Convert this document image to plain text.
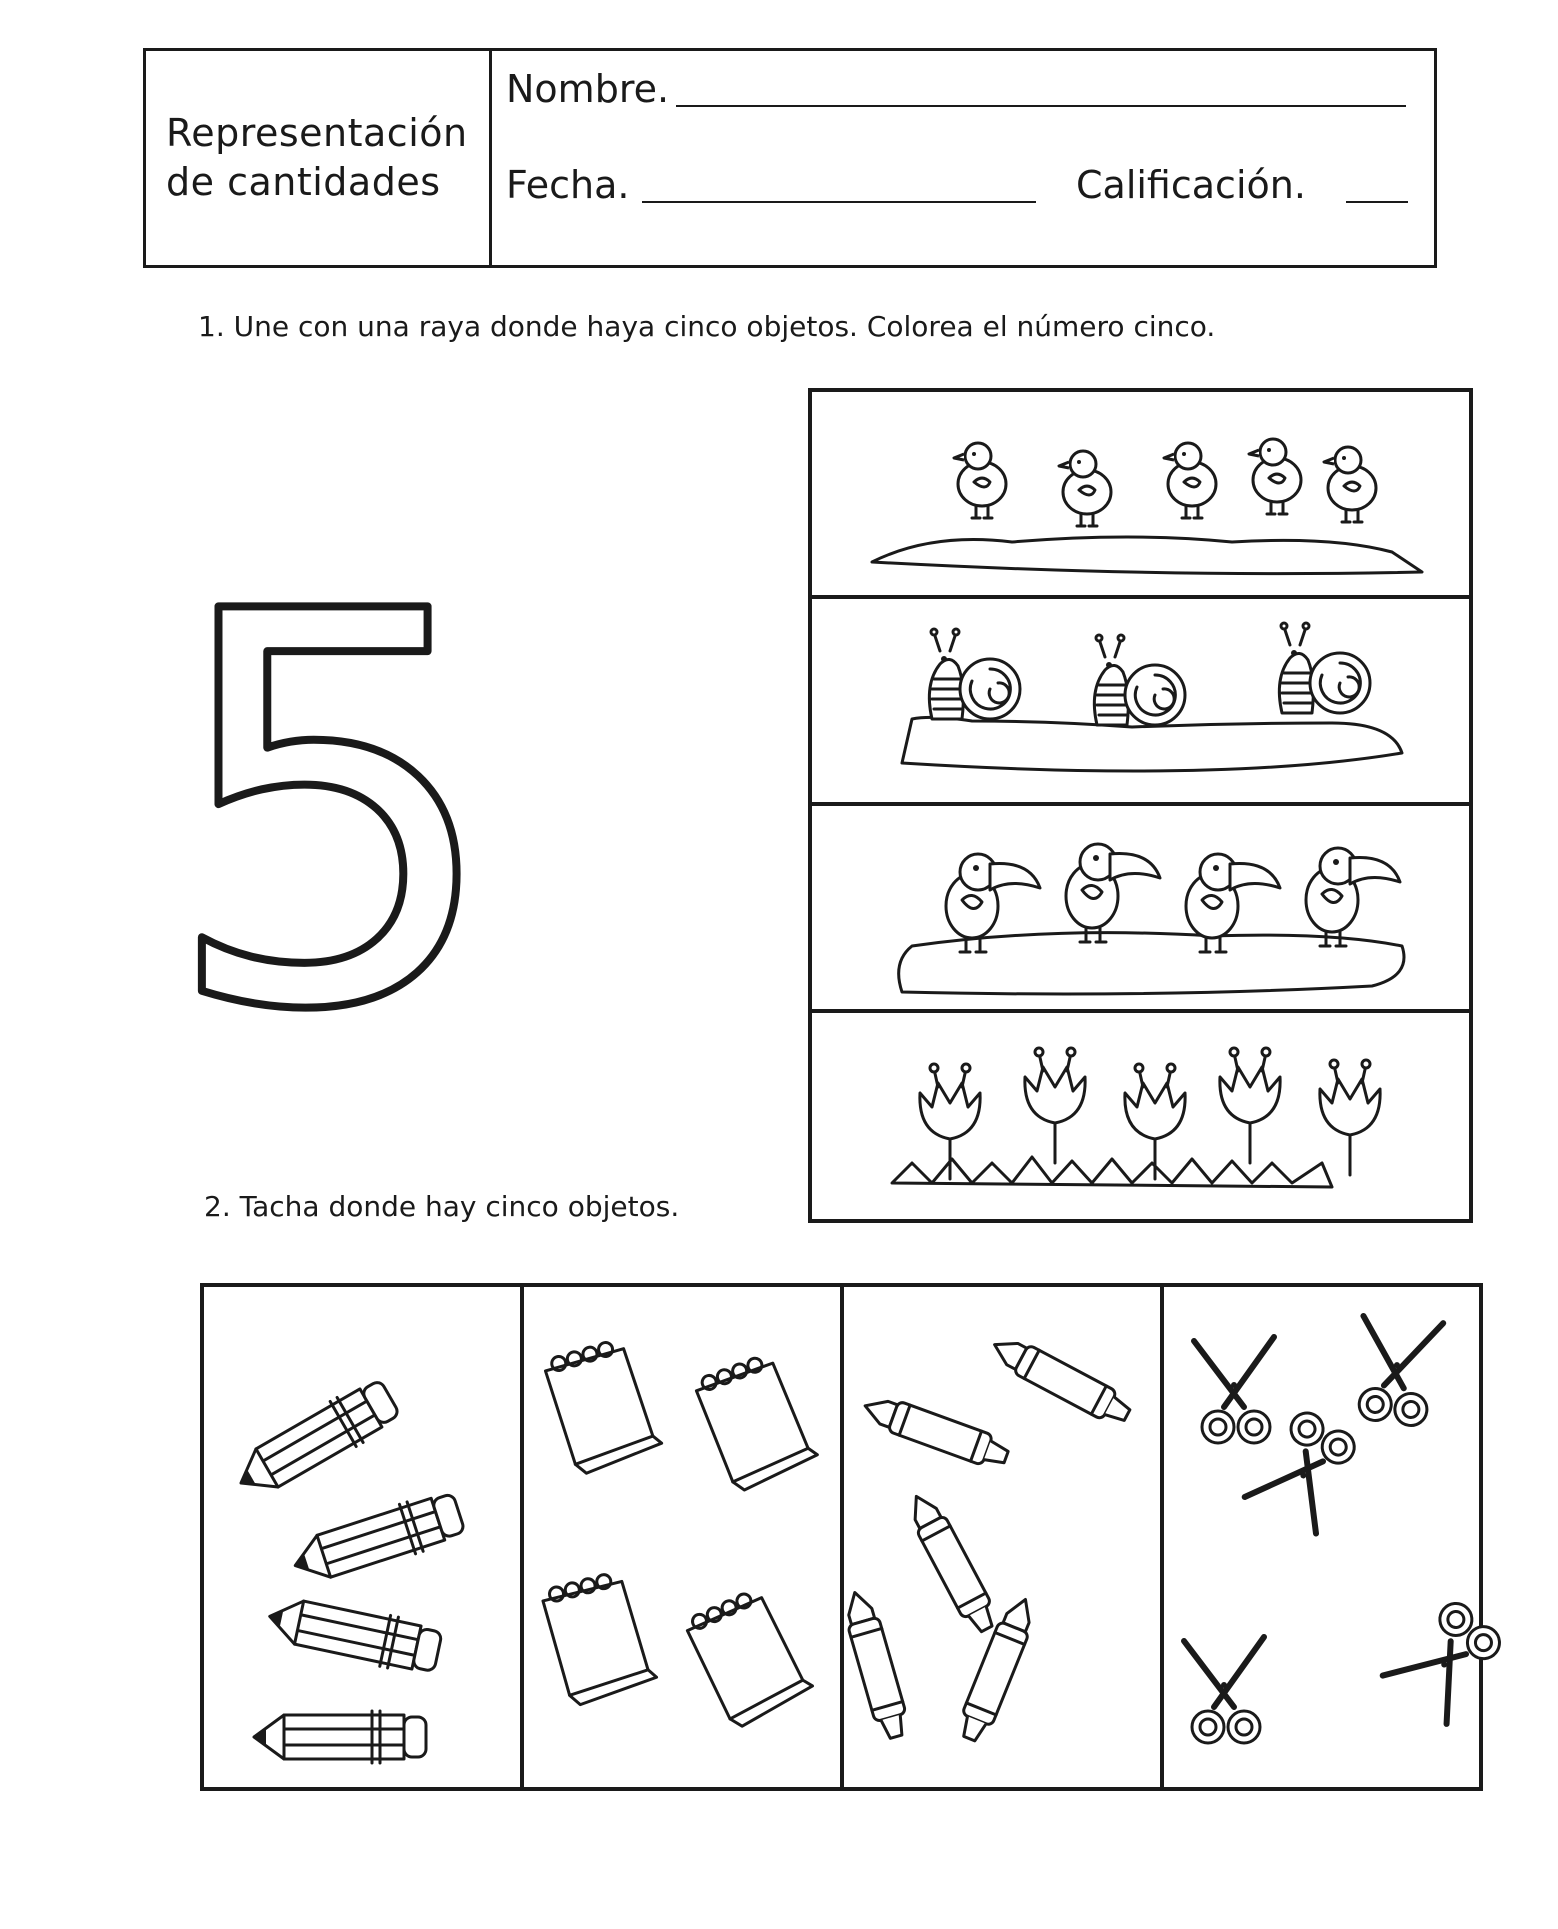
Representación
de cantidades
Nombre.
Fecha.	Calificación.
1. Une con una raya donde haya cinco objetos. Colorea el número cinco.
2. Tacha donde hay cinco objetos.
5
